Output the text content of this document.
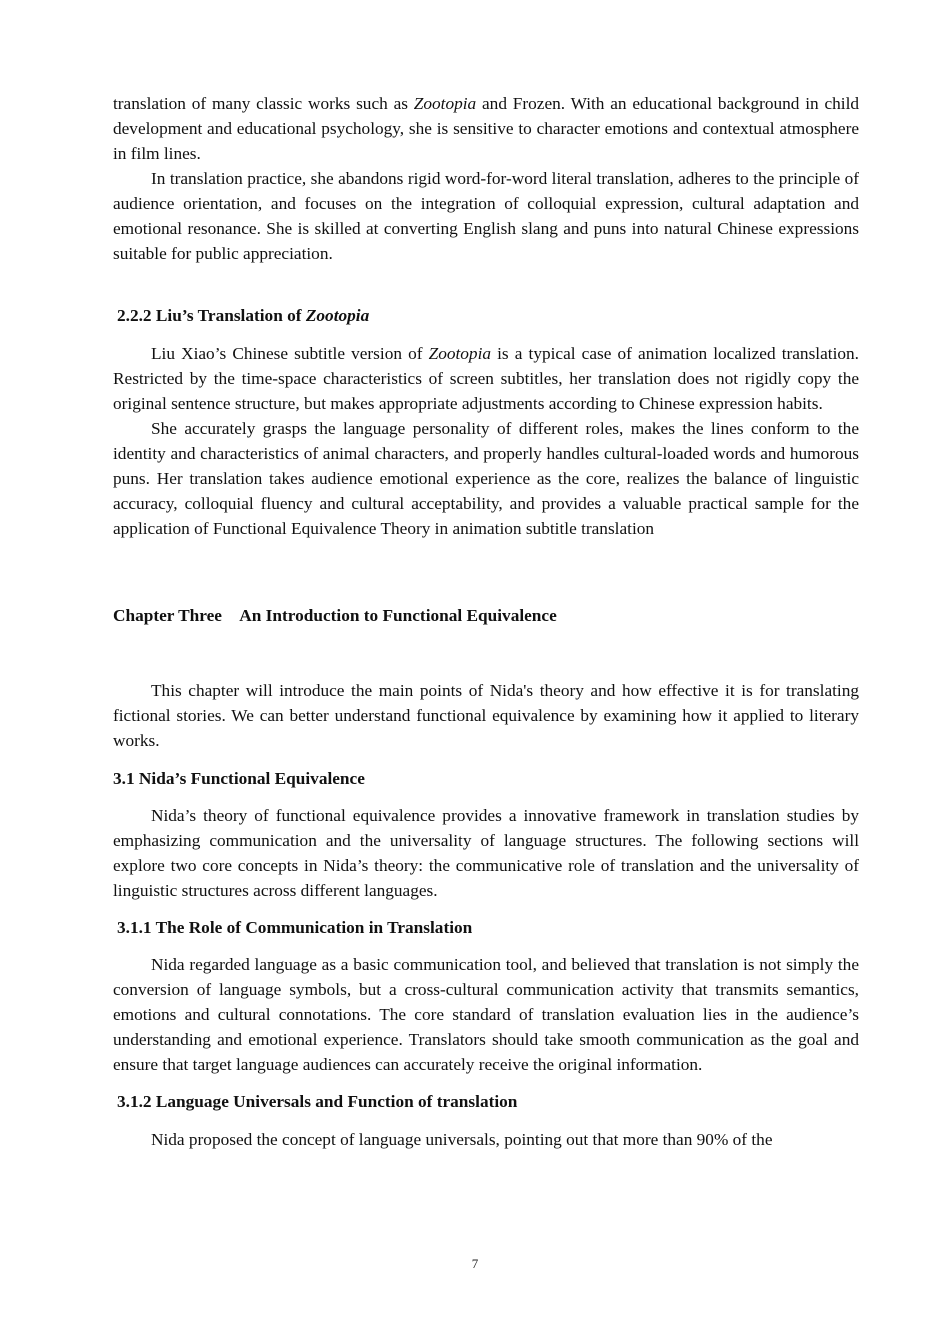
translation of many classic works such as Zootopia and Frozen. With an educational background in child development and educational psychology, she is sensitive to character emotions and contextual atmosphere in film lines.

In translation practice, she abandons rigid word-for-word literal translation, adheres to the principle of audience orientation, and focuses on the integration of colloquial expression, cultural adaptation and emotional resonance. She is skilled at converting English slang and puns into natural Chinese expressions suitable for public appreciation.

2.2.2 Liu’s Translation of Zootopia

Liu Xiao’s Chinese subtitle version of Zootopia is a typical case of animation localized translation. Restricted by the time-space characteristics of screen subtitles, her translation does not rigidly copy the original sentence structure, but makes appropriate adjustments according to Chinese expression habits.

She accurately grasps the language personality of different roles, makes the lines conform to the identity and characteristics of animal characters, and properly handles cultural-loaded words and humorous puns. Her translation takes audience emotional experience as the core, realizes the balance of linguistic accuracy, colloquial fluency and cultural acceptability, and provides a valuable practical sample for the application of Functional Equivalence Theory in animation subtitle translation

Chapter Three An Introduction to Functional Equivalence

This chapter will introduce the main points of Nida's theory and how effective it is for translating fictional stories. We can better understand functional equivalence by examining how it applied to literary works.

3.1 Nida’s Functional Equivalence

Nida’s theory of functional equivalence provides a innovative framework in translation studies by emphasizing communication and the universality of language structures. The following sections will explore two core concepts in Nida’s theory: the communicative role of translation and the universality of linguistic structures across different languages.

3.1.1 The Role of Communication in Translation

Nida regarded language as a basic communication tool, and believed that translation is not simply the conversion of language symbols, but a cross-cultural communication activity that transmits semantics, emotions and cultural connotations. The core standard of translation evaluation lies in the audience’s understanding and emotional experience. Translators should take smooth communication as the goal and ensure that target language audiences can accurately receive the original information.

3.1.2 Language Universals and Function of translation

Nida proposed the concept of language universals, pointing out that more than 90% of the

7
